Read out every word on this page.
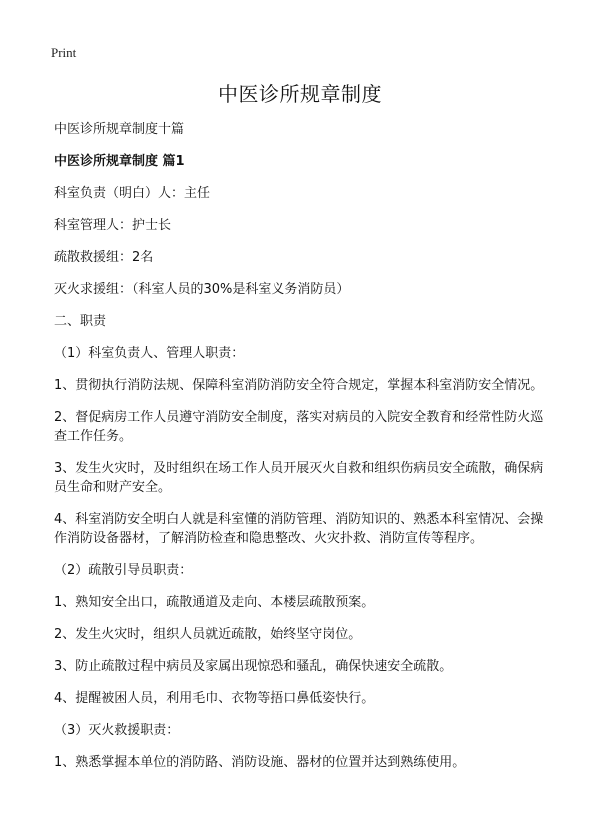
Print
中医诊所规章制度

中医诊所规章制度十篇

中医诊所规章制度 篇1

科室负责（明白）人：主任

科室管理人：护士长

疏散救援组：2名

灭火求援组：（科室人员的30%是科室义务消防员）

二、职责

（1）科室负责人、管理人职责：

1、贯彻执行消防法规、保障科室消防消防安全符合规定，掌握本科室消防安全情况。

2、督促病房工作人员遵守消防安全制度，落实对病员的入院安全教育和经常性防火巡查工作任务。

3、发生火灾时，及时组织在场工作人员开展灭火自救和组织伤病员安全疏散，确保病员生命和财产安全。

4、科室消防安全明白人就是科室懂的消防管理、消防知识的、熟悉本科室情况、会操作消防设备器材，了解消防检查和隐患整改、火灾扑救、消防宣传等程序。

（2）疏散引导员职责：

1、熟知安全出口，疏散通道及走向、本楼层疏散预案。

2、发生火灾时，组织人员就近疏散，始终坚守岗位。

3、防止疏散过程中病员及家属出现惊恐和骚乱，确保快速安全疏散。

4、提醒被困人员，利用毛巾、衣物等捂口鼻低姿快行。

（3）灭火救援职责：

1、熟悉掌握本单位的消防路、消防设施、器材的位置并达到熟练使用。
